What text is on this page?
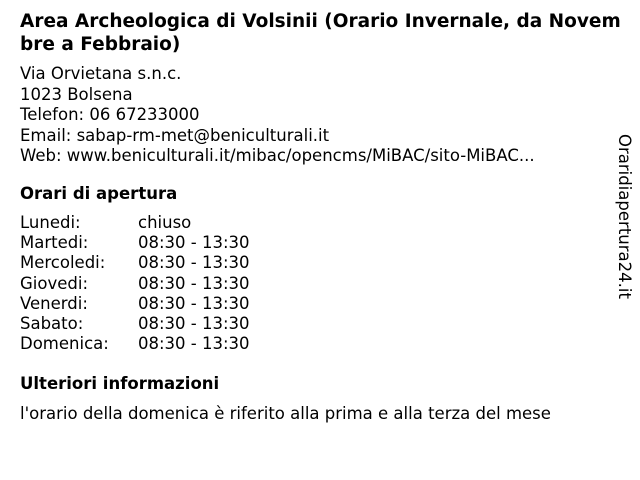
Area Archeologica di Volsinii (Orario Invernale, da Novembre a Febbraio)
Via Orvietana s.n.c.
1023 Bolsena
Telefon: 06 67233000
Email: sabap-rm-met@beniculturali.it
Web: www.beniculturali.it/mibac/opencms/MiBAC/sito-MiBAC...
Orari di apertura
Lunedi:	chiuso
Martedi:	08:30 - 13:30
Mercoledi: 08:30 - 13:30
Giovedi:	08:30 - 13:30
Venerdi:	08:30 - 13:30
Sabato:	08:30 - 13:30
Domenica: 08:30 - 13:30
Ulteriori informazioni
l'orario della domenica è riferito alla prima e alla terza del mese
Oraridiapertura24.it
